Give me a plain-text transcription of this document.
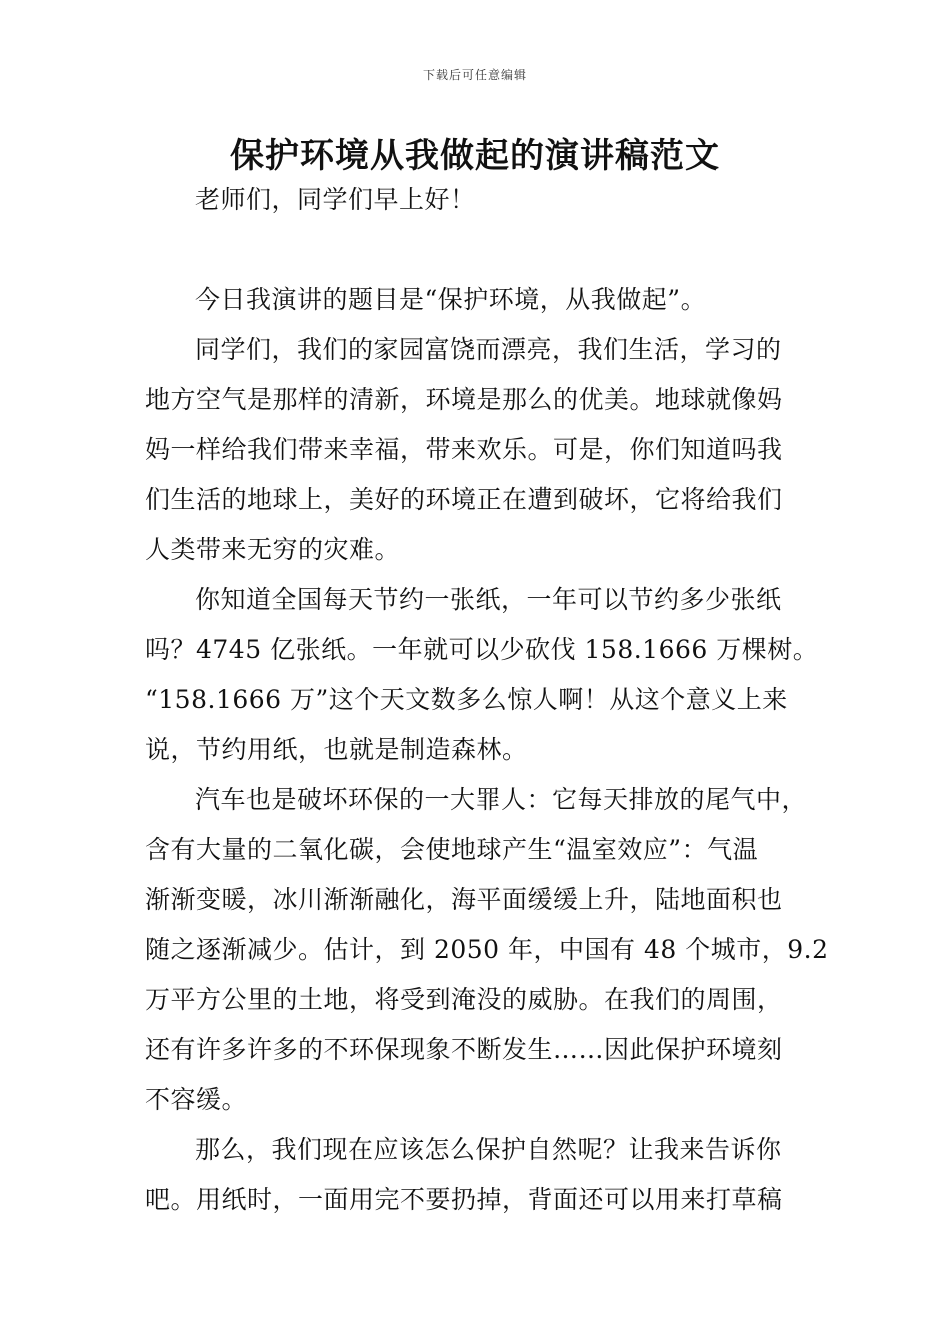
下载后可任意编辑
保护环境从我做起的演讲稿范文
老师们，同学们早上好！
今日我演讲的题目是“保护环境，从我做起”。
同学们，我们的家园富饶而漂亮，我们生活，学习的
地方空气是那样的清新，环境是那么的优美。地球就像妈
妈一样给我们带来幸福，带来欢乐。可是，你们知道吗我
们生活的地球上，美好的环境正在遭到破坏，它将给我们
人类带来无穷的灾难。
你知道全国每天节约一张纸，一年可以节约多少张纸
吗？4745 亿张纸。一年就可以少砍伐 158.1666 万棵树。
“158.1666 万”这个天文数多么惊人啊！从这个意义上来
说，节约用纸，也就是制造森林。
汽车也是破坏环保的一大罪人：它每天排放的尾气中，
含有大量的二氧化碳，会使地球产生“温室效应”：气温
渐渐变暖，冰川渐渐融化，海平面缓缓上升，陆地面积也
随之逐渐减少。估计，到 2050 年，中国有 48 个城市，9.2
万平方公里的土地，将受到淹没的威胁。在我们的周围，
还有许多许多的不环保现象不断发生……因此保护环境刻
不容缓。
那么，我们现在应该怎么保护自然呢？让我来告诉你
吧。用纸时，一面用完不要扔掉，背面还可以用来打草稿
